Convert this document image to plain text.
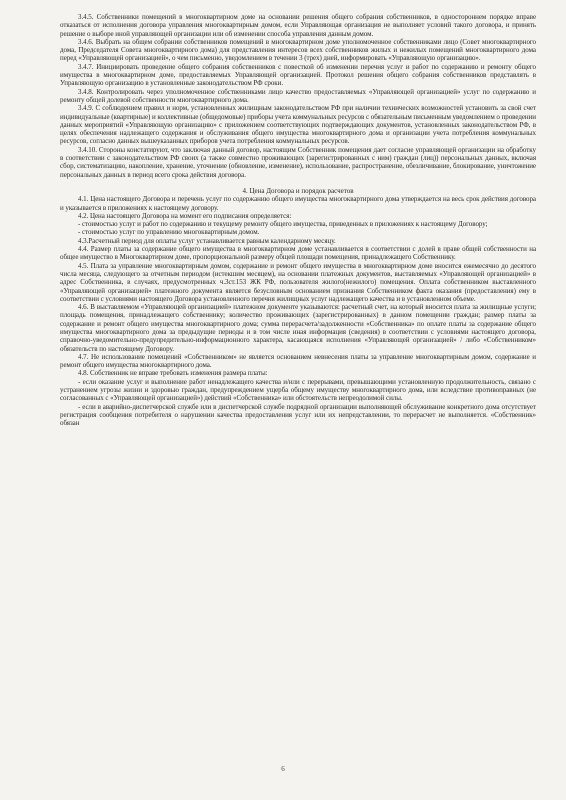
3.4.5. Собственники помещений в многоквартирном доме на основании решения общего собрания собственников, в одностороннем порядке вправе отказаться от исполнения договора управления многоквартирным домом, если Управляющая организация не выполняет условий такого договора, и принять решение о выборе иной управляющей организации или об изменении способа управления данным домом.

3.4.6. Выбрать на общем собрании собственников помещений в многоквартирном доме уполномоченное собственниками лицо (Совет многоквартирного дома, Председателя Совета многоквартирного дома) для представления интересов всех собственников жилых и нежилых помещений многоквартирного дома перед «Управляющей организацией», о чем письменно, уведомлением в течении 3 (трех) дней, информировать «Управляющую организацию».

3.4.7. Инициировать проведение общего собрания собственников с повесткой об изменении перечня услуг и работ по содержанию и ремонту общего имущества в многоквартирном доме, предоставляемых Управляющей организацией. Протокол решения общего собрания собственников представлять в Управляющую организацию в установленные законодательством РФ сроки.

3.4.8. Контролировать через уполномоченное собственниками лицо качество предоставляемых «Управляющей организацией» услуг по содержанию и ремонту общей долевой собственности многоквартирного дома.

3.4.9. С соблюдением правил и норм, установленных жилищным законодательством РФ при наличии технических возможностей установить за свой счет индивидуальные (квартирные) и коллективные (общедомовые) приборы учета коммунальных ресурсов с обязательным письменным уведомлением о проведении данных мероприятий «Управляющую организацию» с приложением соответствующих подтверждающих документов, установленных законодательством РФ, в целях обеспечения надлежащего содержания и обслуживания общего имущества многоквартирного дома и организации учета потребления коммунальных ресурсов, согласно данных вышеуказанных приборов учета потребления коммунальных ресурсов.

3.4.10. Стороны констатируют, что заключая данный договор, настоящим Собственник помещения дает согласие управляющей организации на обработку в соответствии с законодательством РФ своих (а также совместно проживающих (зарегистрированных с ним) граждан (лиц)) персональных данных, включая сбор, систематизацию, накопление, хранение, уточнение (обновление, изменение), использование, распространение, обезличивание, блокирование, уничтожение персональных данных в период всего срока действия договора.

4. Цена Договора и порядок расчетов

4.1. Цена настоящего Договора и перечень услуг по содержанию общего имущества многоквартирного дома утверждается на весь срок действия договора и указывается в приложениях к настоящему договору.

4.2. Цена настоящего Договора на момент его подписания определяется:

- стоимостью услуг и работ по содержанию и текущему ремонту общего имущества, приведенных в приложениях к настоящему Договору;

- стоимостью услуг по управлению многоквартирным домом.

4.3.Расчетный период для оплаты услуг устанавливается равным календарному месяцу.

4.4. Размер платы за содержание общего имущества в многоквартирном доме устанавливается в соответствии с долей в праве общей собственности на общее имущество в Многоквартирном доме, пропорциональной размеру общей площади помещения, принадлежащего Собственнику.

4.5. Плата за управление многоквартирным домом, содержание и ремонт общего имущества в многоквартирном доме вносится ежемесячно до десятого числа месяца, следующего за отчетным периодом (истекшим месяцем), на основании платежных документов, выставляемых «Управляющей организацией» в адрес Собственника, в случаях, предусмотренных ч.3ст.153 ЖК РФ, пользователя жилого(нежилого) помещения. Оплата собственником выставленного «Управляющей организацией» платежного документа является безусловным основанием признания Собственником факта оказания (предоставления) ему в соответствии с условиями настоящего Договора установленного перечня жилищных услуг надлежащего качества и в установленном объеме.

4.6. В выставляемом «Управляющей организацией» платежном документе указываются: расчетный счет, на который вносится плата за жилищные услуги; площадь помещения, принадлежащего собственнику; количество проживающих (зарегистрированных) в данном помещении граждан; размер платы за содержание и ремонт общего имущества многоквартирного дома; сумма перерасчета/задолженности «Собственника» по оплате платы за содержание общего имущества многоквартирного дома за предыдущие периоды и в том числе иная информация (сведения) в соответствии с условиями настоящего договора, справочно-уведомительно-предупредительно-информационного характера, касающаяся исполнения «Управляющей организацией» / либо «Собственником» обязательств по настоящему Договору.

4.7. Не использование помещений «Собственником» не является основанием невнесения платы за управление многоквартирным домом, содержание и ремонт общего имущества многоквартирного дома.

4.8. Собственник не вправе требовать изменения размера платы:

- если оказание услуг и выполнение работ ненадлежащего качества и/или с перерывами, превышающими установленную продолжительность, связано с устранением угрозы жизни и здоровью граждан, предупреждением ущерба общему имуществу многоквартирного дома, или вследствие противоправных (не согласованных с «Управляющей организацией») действий «Собственника» или обстоятельств непреодолимой силы.

- если в аварийно-диспетчерской службе или в диспетчерской службе подрядной организации выполняющей обслуживание конкретного дома отсутствует регистрация сообщения потребителя о нарушении качества предоставления услуг или их непредставлении, то перерасчет не выполняется. «Собственник» обязан

6
